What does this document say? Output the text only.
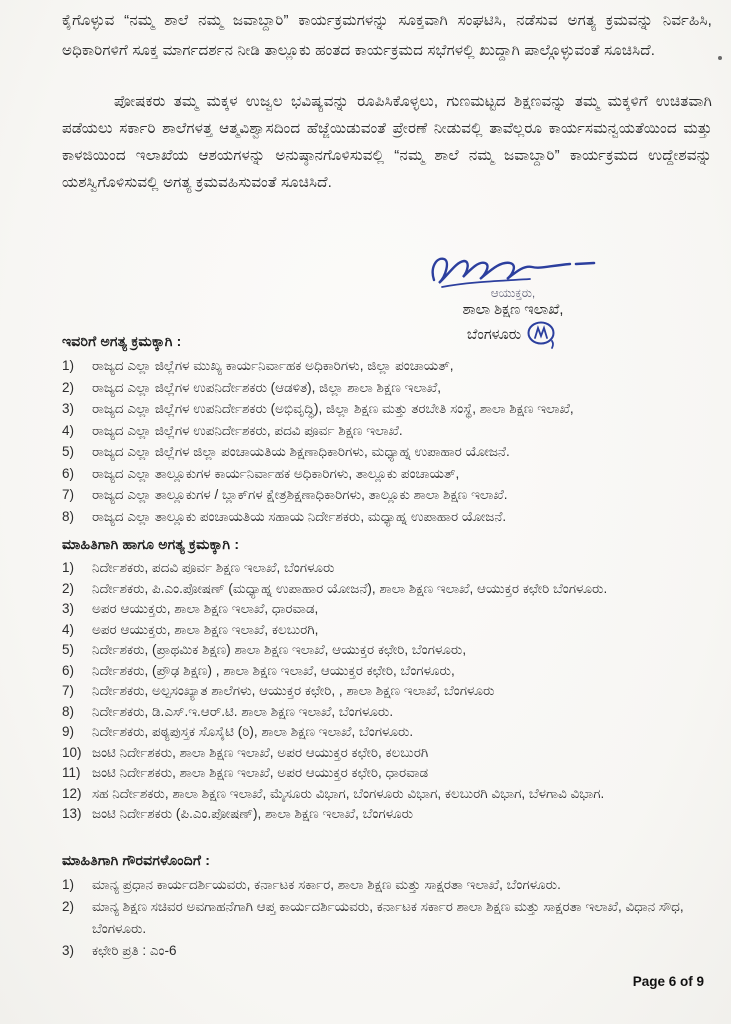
ಕೈಗೊಳ್ಳುವ “ನಮ್ಮ ಶಾಲೆ ನಮ್ಮ ಜವಾಬ್ದಾರಿ” ಕಾರ್ಯಕ್ರಮಗಳನ್ನು ಸೂಕ್ತವಾಗಿ ಸಂಘಟಿಸಿ, ನಡೆಸುವ ಅಗತ್ಯ ಕ್ರಮವನ್ನು ನಿರ್ವಹಿಸಿ, ಅಧಿಕಾರಿಗಳಿಗೆ ಸೂಕ್ತ ಮಾರ್ಗದರ್ಶನ ನೀಡಿ ತಾಲ್ಲೂಕು ಹಂತದ ಕಾರ್ಯಕ್ರಮದ ಸಭೆಗಳಲ್ಲಿ ಖುದ್ದಾಗಿ ಪಾಲ್ಗೊಳ್ಳುವಂತೆ ಸೂಚಿಸಿದೆ.
ಪೋಷಕರು ತಮ್ಮ ಮಕ್ಕಳ ಉಜ್ವಲ ಭವಿಷ್ಯವನ್ನು ರೂಪಿಸಿಕೊಳ್ಳಲು, ಗುಣಮಟ್ಟದ ಶಿಕ್ಷಣವನ್ನು ತಮ್ಮ ಮಕ್ಕಳಿಗೆ ಉಚಿತವಾಗಿ ಪಡೆಯಲು ಸರ್ಕಾರಿ ಶಾಲೆಗಳತ್ತ ಆತ್ಮವಿಶ್ವಾಸದಿಂದ ಹೆಜ್ಜೆಯಿಡುವಂತೆ ಪ್ರೇರಣೆ ನೀಡುವಲ್ಲಿ ತಾವೆಲ್ಲರೂ ಕಾರ್ಯಸಮನ್ವಯತೆಯಿಂದ ಮತ್ತು ಕಾಳಜಿಯಿಂದ ಇಲಾಖೆಯ ಆಶಯಗಳನ್ನು ಅನುಷ್ಠಾನಗೊಳಿಸುವಲ್ಲಿ “ನಮ್ಮ ಶಾಲೆ ನಮ್ಮ ಜವಾಬ್ದಾರಿ” ಕಾರ್ಯಕ್ರಮದ ಉದ್ದೇಶವನ್ನು ಯಶಸ್ವಿಗೊಳಿಸುವಲ್ಲಿ ಅಗತ್ಯ ಕ್ರಮವಹಿಸುವಂತೆ ಸೂಚಿಸಿದೆ.
ಆಯುಕ್ತರು,
ಶಾಲಾ ಶಿಕ್ಷಣ ಇಲಾಖೆ,
ಬೆಂಗಳೂರು
ಇವರಿಗೆ ಅಗತ್ಯ ಕ್ರಮಕ್ಕಾಗಿ :
1)	ರಾಜ್ಯದ ಎಲ್ಲಾ ಜಿಲ್ಲೆಗಳ ಮುಖ್ಯ ಕಾರ್ಯನಿರ್ವಾಹಕ ಅಧಿಕಾರಿಗಳು, ಜಿಲ್ಲಾ ಪಂಚಾಯತ್,
2)	ರಾಜ್ಯದ ಎಲ್ಲಾ ಜಿಲ್ಲೆಗಳ ಉಪನಿರ್ದೇಶಕರು (ಆಡಳಿತ), ಜಿಲ್ಲಾ ಶಾಲಾ ಶಿಕ್ಷಣ ಇಲಾಖೆ,
3)	ರಾಜ್ಯದ ಎಲ್ಲಾ ಜಿಲ್ಲೆಗಳ ಉಪನಿರ್ದೇಶಕರು (ಅಭಿವೃದ್ಧಿ), ಜಿಲ್ಲಾ ಶಿಕ್ಷಣ ಮತ್ತು ತರಬೇತಿ ಸಂಸ್ಥೆ, ಶಾಲಾ ಶಿಕ್ಷಣ ಇಲಾಖೆ,
4)	ರಾಜ್ಯದ ಎಲ್ಲಾ ಜಿಲ್ಲೆಗಳ ಉಪನಿರ್ದೇಶಕರು, ಪದವಿ ಪೂರ್ವ ಶಿಕ್ಷಣ ಇಲಾಖೆ.
5)	ರಾಜ್ಯದ ಎಲ್ಲಾ ಜಿಲ್ಲೆಗಳ ಜಿಲ್ಲಾ ಪಂಚಾಯತಿಯ ಶಿಕ್ಷಣಾಧಿಕಾರಿಗಳು, ಮಧ್ಯಾಹ್ನ ಉಪಾಹಾರ ಯೋಜನೆ.
6)	ರಾಜ್ಯದ ಎಲ್ಲಾ ತಾಲ್ಲೂಕುಗಳ ಕಾರ್ಯನಿರ್ವಾಹಕ ಅಧಿಕಾರಿಗಳು, ತಾಲ್ಲೂಕು ಪಂಚಾಯತ್,
7)	ರಾಜ್ಯದ ಎಲ್ಲಾ ತಾಲ್ಲೂಕುಗಳ / ಬ್ಲಾಕ್‌ಗಳ ಕ್ಷೇತ್ರಶಿಕ್ಷಣಾಧಿಕಾರಿಗಳು, ತಾಲ್ಲೂಕು ಶಾಲಾ ಶಿಕ್ಷಣ ಇಲಾಖೆ.
8)	ರಾಜ್ಯದ ಎಲ್ಲಾ ತಾಲ್ಲೂಕು ಪಂಚಾಯತಿಯ ಸಹಾಯ ನಿರ್ದೇಶಕರು, ಮಧ್ಯಾಹ್ನ ಉಪಾಹಾರ ಯೋಜನೆ.
ಮಾಹಿತಿಗಾಗಿ ಹಾಗೂ ಅಗತ್ಯ ಕ್ರಮಕ್ಕಾಗಿ :
1)	ನಿರ್ದೇಶಕರು, ಪದವಿ ಪೂರ್ವ ಶಿಕ್ಷಣ ಇಲಾಖೆ, ಬೆಂಗಳೂರು
2)	ನಿರ್ದೇಶಕರು, ಪಿ.ಎಂ.ಪೋಷಣ್ (ಮಧ್ಯಾಹ್ನ ಉಪಾಹಾರ ಯೋಜನೆ), ಶಾಲಾ ಶಿಕ್ಷಣ ಇಲಾಖೆ, ಆಯುಕ್ತರ ಕಛೇರಿ ಬೆಂಗಳೂರು.
3)	ಅಪರ ಆಯುಕ್ತರು, ಶಾಲಾ ಶಿಕ್ಷಣ ಇಲಾಖೆ, ಧಾರವಾಡ,
4)	ಅಪರ ಆಯುಕ್ತರು, ಶಾಲಾ ಶಿಕ್ಷಣ ಇಲಾಖೆ, ಕಲಬುರಗಿ,
5)	ನಿರ್ದೇಶಕರು, (ಪ್ರಾಥಮಿಕ ಶಿಕ್ಷಣ) ಶಾಲಾ ಶಿಕ್ಷಣ ಇಲಾಖೆ, ಆಯುಕ್ತರ ಕಛೇರಿ, ಬೆಂಗಳೂರು,
6)	ನಿರ್ದೇಶಕರು, (ಪ್ರೌಢ ಶಿಕ್ಷಣ) , ಶಾಲಾ ಶಿಕ್ಷಣ ಇಲಾಖೆ, ಆಯುಕ್ತರ ಕಛೇರಿ, ಬೆಂಗಳೂರು,
7)	ನಿರ್ದೇಶಕರು, ಅಲ್ಪಸಂಖ್ಯಾತ ಶಾಲೆಗಳು, ಆಯುಕ್ತರ ಕಛೇರಿ, , ಶಾಲಾ ಶಿಕ್ಷಣ ಇಲಾಖೆ, ಬೆಂಗಳೂರು
8)	ನಿರ್ದೇಶಕರು, ಡಿ.ಎಸ್.ಇ.ಆರ್.ಟಿ. ಶಾಲಾ ಶಿಕ್ಷಣ ಇಲಾಖೆ, ಬೆಂಗಳೂರು.
9)	ನಿರ್ದೇಶಕರು, ಪಠ್ಯಪುಸ್ತಕ ಸೊಸೈಟಿ (ರಿ), ಶಾಲಾ ಶಿಕ್ಷಣ ಇಲಾಖೆ, ಬೆಂಗಳೂರು.
10) ಜಂಟಿ ನಿರ್ದೇಶಕರು, ಶಾಲಾ ಶಿಕ್ಷಣ ಇಲಾಖೆ, ಅಪರ ಆಯುಕ್ತರ ಕಛೇರಿ, ಕಲಬುರಗಿ
11) ಜಂಟಿ ನಿರ್ದೇಶಕರು, ಶಾಲಾ ಶಿಕ್ಷಣ ಇಲಾಖೆ, ಅಪರ ಆಯುಕ್ತರ ಕಛೇರಿ, ಧಾರವಾಡ
12) ಸಹ ನಿರ್ದೇಶಕರು, ಶಾಲಾ ಶಿಕ್ಷಣ ಇಲಾಖೆ, ಮೈಸೂರು ವಿಭಾಗ, ಬೆಂಗಳೂರು ವಿಭಾಗ, ಕಲಬುರಗಿ ವಿಭಾಗ, ಬೆಳಗಾವಿ ವಿಭಾಗ.
13) ಜಂಟಿ ನಿರ್ದೇಶಕರು (ಪಿ.ಎಂ.ಪೋಷಣ್), ಶಾಲಾ ಶಿಕ್ಷಣ ಇಲಾಖೆ, ಬೆಂಗಳೂರು
ಮಾಹಿತಿಗಾಗಿ ಗೌರವಗಳೊಂದಿಗೆ :
1)	ಮಾನ್ಯ ಪ್ರಧಾನ ಕಾರ್ಯದರ್ಶಿಯವರು, ಕರ್ನಾಟಕ ಸರ್ಕಾರ, ಶಾಲಾ ಶಿಕ್ಷಣ ಮತ್ತು ಸಾಕ್ಷರತಾ ಇಲಾಖೆ, ಬೆಂಗಳೂರು.
2)	ಮಾನ್ಯ ಶಿಕ್ಷಣ ಸಚಿವರ ಅವಗಾಹನೆಗಾಗಿ ಆಪ್ತ ಕಾರ್ಯದರ್ಶಿಯವರು, ಕರ್ನಾಟಕ ಸರ್ಕಾರ ಶಾಲಾ ಶಿಕ್ಷಣ ಮತ್ತು ಸಾಕ್ಷರತಾ ಇಲಾಖೆ, ವಿಧಾನ ಸೌಧ, ಬೆಂಗಳೂರು.
3)	ಕಛೇರಿ ಪ್ರತಿ : ಎಂ-6
Page 6 of 9
